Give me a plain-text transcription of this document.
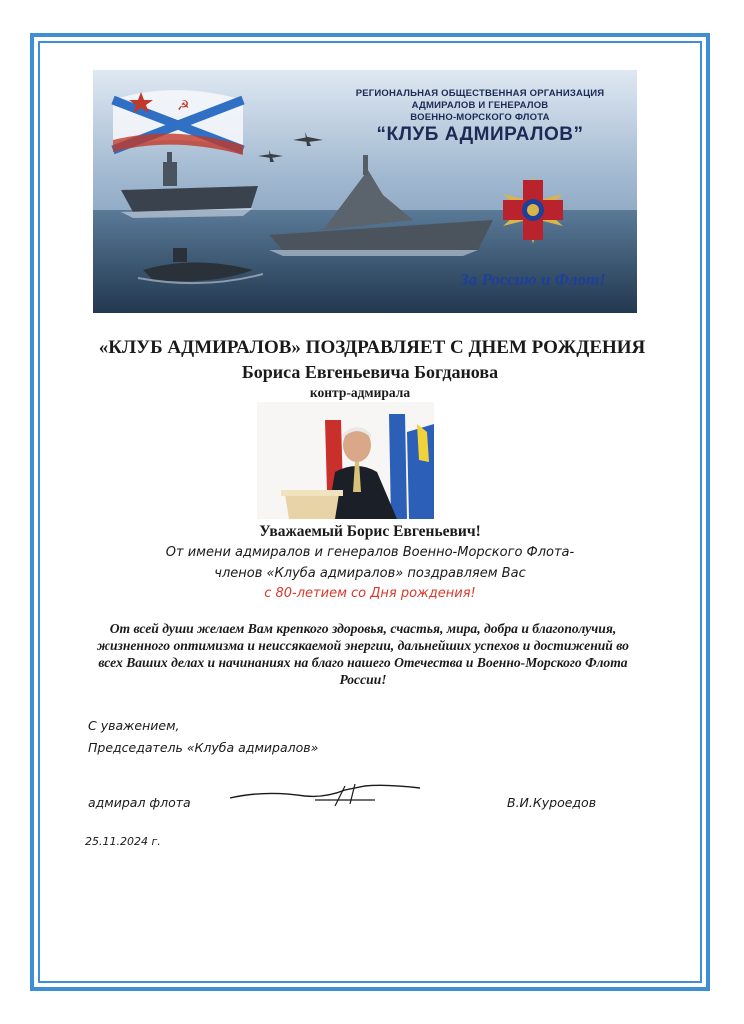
☭
РЕГИОНАЛЬНАЯ ОБЩЕСТВЕННАЯ ОРГАНИЗАЦИЯ
АДМИРАЛОВ И ГЕНЕРАЛОВ
ВОЕННО-МОРСКОГО ФЛОТА
“КЛУБ АДМИРАЛОВ”
За Россию и Флот!
«КЛУБ АДМИРАЛОВ» ПОЗДРАВЛЯЕТ С ДНЕМ РОЖДЕНИЯ
Бориса Евгеньевича Богданова
контр-адмирала
Уважаемый Борис Евгеньевич!
От имени адмиралов и генералов Военно-Морского Флота-
членов «Клуба адмиралов» поздравляем Вас
с 80-летием со Дня рождения!
От всей души желаем Вам крепкого здоровья, счастья, мира, добра и благополучия, жизненного оптимизма и неиссякаемой энергии, дальнейших успехов и достижений во всех Ваших делах и начинаниях на благо нашего Отечества и Военно-Морского Флота России!
С уважением,
Председатель «Клуба адмиралов»
адмирал флота	В.И.Куроедов
25.11.2024 г.
